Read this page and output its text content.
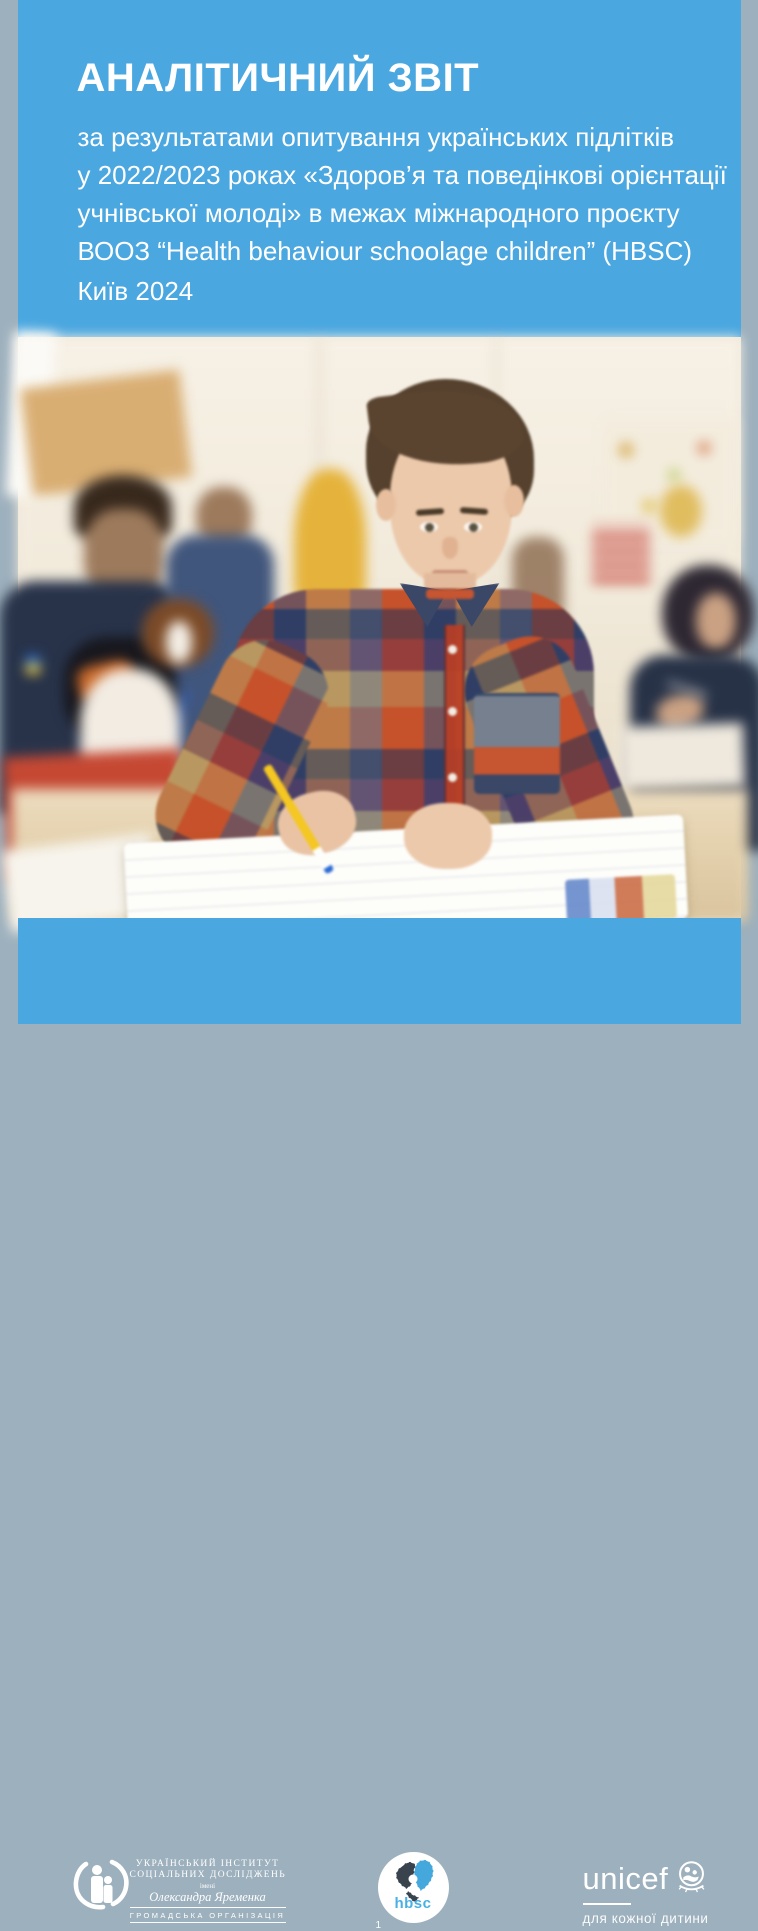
АНАЛІТИЧНИЙ ЗВІТ
за результатами опитування українських підлітків
у 2022/2023 роках «Здоров’я та поведінкові орієнтації
учнівської молоді» в межах міжнародного проєкту
ВООЗ “Health behaviour schoolage children” (HBSC)
Київ 2024
УКРАЇНСЬКИЙ ІНСТИТУТ
СОЦІАЛЬНИХ ДОСЛІДЖЕНЬ
імені
Олександра Яременка
ГРОМАДСЬКА ОРГАНІЗАЦІЯ
hbsc
unicef
для кожної дитини
1
